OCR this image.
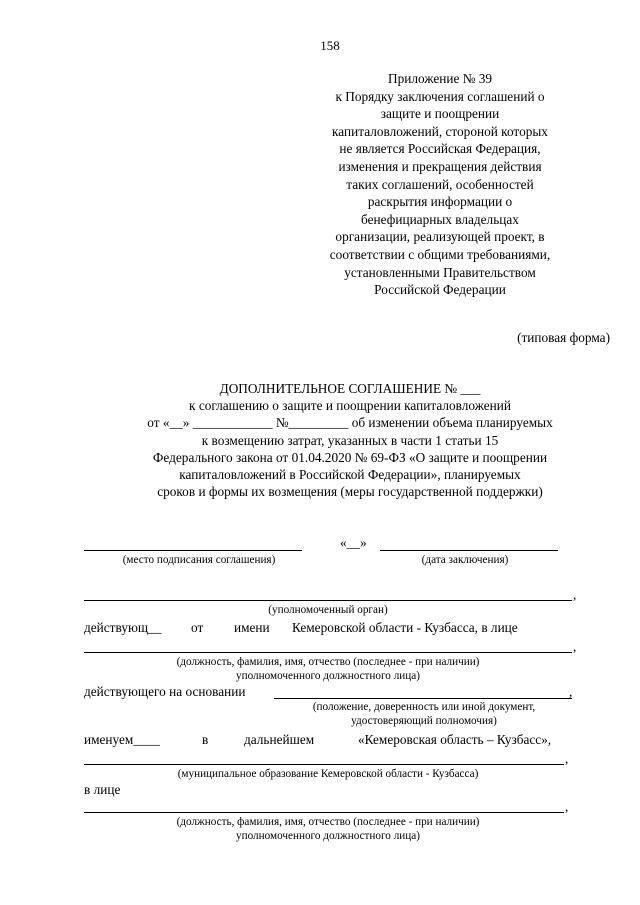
158
Приложение № 39
к Порядку заключения соглашений о
защите и поощрении
капиталовложений, стороной которых
не является Российская Федерация,
изменения и прекращения действия
таких соглашений, особенностей
раскрытия информации о
бенефициарных владельцах
организации, реализующей проект, в
соответствии с общими требованиями,
установленными Правительством
Российской Федерации
(типовая форма)
ДОПОЛНИТЕЛЬНОЕ СОГЛАШЕНИЕ № ___
к соглашению о защите и поощрении капиталовложений
от «__» ____________ №_________ об изменении объема планируемых
к возмещению затрат, указанных в части 1 статьи 15
Федерального закона от 01.04.2020 № 69-ФЗ «О защите и поощрении
капиталовложений в Российской Федерации», планируемых
сроков и формы их возмещения (меры государственной поддержки)
(место подписания соглашения)
«__»
(дата заключения)
,
(уполномоченный орган)
действующ__ от имени Кемеровской области - Кузбасса, в лице
,
(должность, фамилия, имя, отчество (последнее - при наличии)
уполномоченного должностного лица)
действующего на основании	,
(положение, доверенность или иной документ,
удостоверяющий полномочия)
именуем____	в	дальнейшем	«Кемеровская область – Кузбасс»,
,
(муниципальное образование Кемеровской области - Кузбасса)
в лице
,
(должность, фамилия, имя, отчество (последнее - при наличии)
уполномоченного должностного лица)
